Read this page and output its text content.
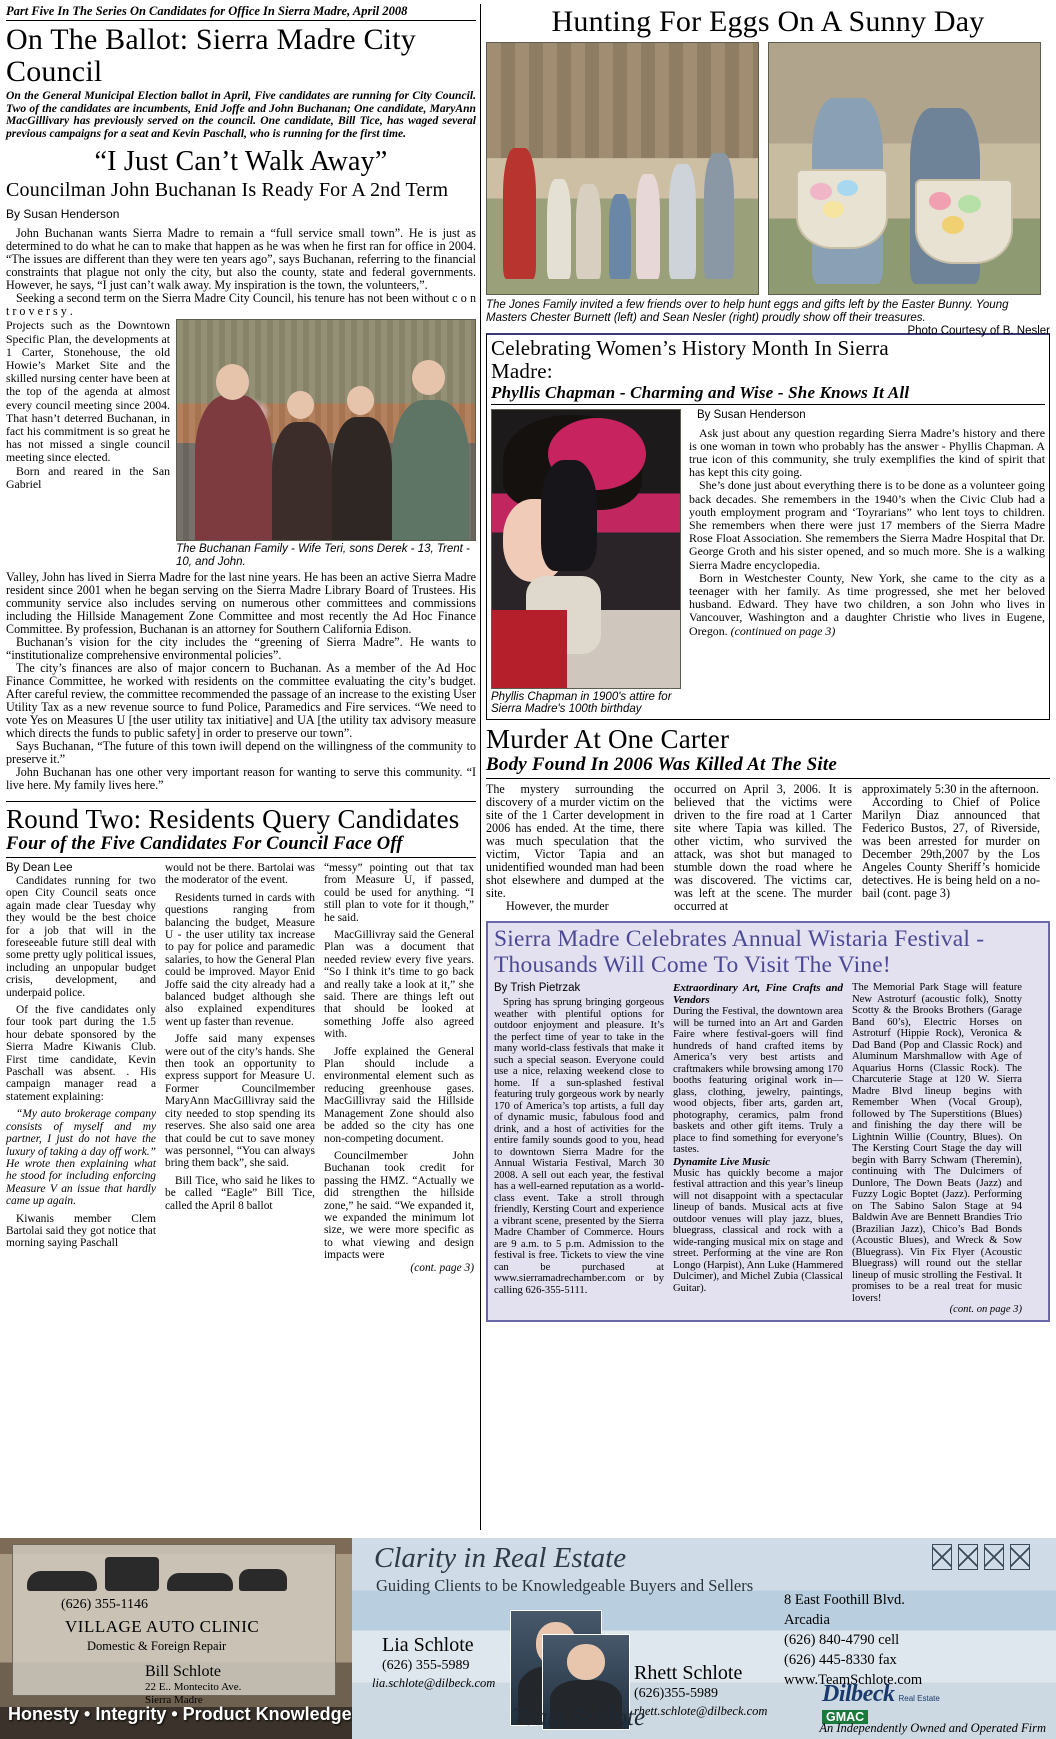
Part Five In The Series On Candidates for Office In Sierra Madre, April 2008
On The Ballot: Sierra Madre City Council
On the General Municipal Election ballot in April, Five candidates are running for City Council. Two of the candidates are incumbents, Enid Joffe and John Buchanan; One candidate, MaryAnn MacGillivary has previously served on the council. One candidate, Bill Tice, has waged several previous campaigns for a seat and Kevin Paschall, who is running for the first time.
“I Just Can’t Walk Away”
Councilman John Buchanan Is Ready For A 2nd Term
By Susan Henderson

John Buchanan wants Sierra Madre to remain a “full service small town”. He is just as determined to do what he can to make that happen as he was when he first ran for office in 2004. “The issues are different than they were ten years ago”, says Buchanan, referring to the financial constraints that plague not only the city, but also the county, state and federal governments. However, he says, “I just can’t walk away. My inspiration is the town, the volunteers,”.

Seeking a second term on the Sierra Madre City Council, his tenure has not been without c o n t r o v e r s y .

The Buchanan Family - Wife Teri, sons Derek - 13, Trent - 10, and John.

Projects such as the Downtown Specific Plan, the developments at 1 Carter, Stonehouse, the old Howie’s Market Site and the skilled nursing center have been at the top of the agenda at almost every council meeting since 2004. That hasn’t deterred Buchanan, in fact his commitment is so great he has not missed a single council meeting since elected.

Born and reared in the San Gabriel

Valley, John has lived in Sierra Madre for the last nine years. He has been an active Sierra Madre resident since 2001 when he began serving on the Sierra Madre Library Board of Trustees. His community service also includes serving on numerous other committees and commissions including the Hillside Management Zone Committee and most recently the Ad Hoc Finance Committee. By profession, Buchanan is an attorney for Southern California Edison.

Buchanan’s vision for the city includes the “greening of Sierra Madre”. He wants to “institutionalize comprehensive environmental policies”.

The city’s finances are also of major concern to Buchanan. As a member of the Ad Hoc Finance Committee, he worked with residents on the committee evaluating the city’s budget. After careful review, the committee recommended the passage of an increase to the existing User Utility Tax as a new revenue source to fund Police, Paramedics and Fire services. “We need to vote Yes on Measures U [the user utility tax initiative] and UA [the utility tax advisory measure which directs the funds to public safety] in order to preserve our town”.

Says Buchanan, “The future of this town iwill depend on the willingness of the community to preserve it.”

John Buchanan has one other very important reason for wanting to serve this community. “I live here. My family lives here.”

Round Two: Residents Query Candidates
Four of the Five Candidates For Council Face Off
By Dean Lee

Candidates running for two open City Council seats once again made clear Tuesday why they would be the best choice for a job that will in the foreseeable future still deal with some pretty ugly political issues, including an unpopular budget crisis, development, and underpaid police.

Of the five candidates only four took part during the 1.5 hour debate sponsored by the Sierra Madre Kiwanis Club. First time candidate, Kevin Paschall was absent. . His campaign manager read a statement explaining:

“My auto brokerage company consists of myself and my partner, I just do not have the luxury of taking a day off work.” He wrote then explaining what he stood for including enforcing Measure V an issue that hardly came up again.

Kiwanis member Clem Bartolai said they got notice that morning saying Paschall

would not be there. Bartolai was the moderator of the event.

Residents turned in cards with questions ranging from balancing the budget, Measure U - the user utility tax increase to pay for police and paramedic salaries, to how the General Plan could be improved. Mayor Enid Joffe said the city already had a balanced budget although she also explained expenditures went up faster than revenue.

Joffe said many expenses were out of the city’s hands. She then took an opportunity to express support for Measure U. Former Councilmember MaryAnn MacGillivray said the city needed to stop spending its reserves. She also said one area that could be cut to save money was personnel, “You can always bring them back”, she said.

Bill Tice, who said he likes to be called “Eagle” Bill Tice, called the April 8 ballot

“messy” pointing out that tax from Measure U, if passed, could be used for anything. “I still plan to vote for it though,” he said.

MacGillivray said the General Plan was a document that needed review every five years. “So I think it’s time to go back and really take a look at it,” she said. There are things left out that should be looked at something Joffe also agreed with.

Joffe explained the General Plan should include a environmental element such as reducing greenhouse gases. MacGillivray said the Hillside Management Zone should also be added so the city has one non-competing document.

Councilmember John Buchanan took credit for passing the HMZ. “Actually we did strengthen the hillside zone,” he said. “We expanded it, we expanded the minimum lot size, we were more specific as to what viewing and design impacts were

(cont. page 3)
Hunting For Eggs On A Sunny Day
The Jones Family invited a few friends over to help hunt eggs and gifts left by the Easter Bunny. Young Masters Chester Burnett (left) and Sean Nesler (right) proudly show off their treasures.
Photo Courtesy of B. Nesler
Celebrating Women’s History Month In Sierra Madre:
Phyllis Chapman - Charming and Wise - She Knows It All
Phyllis Chapman in 1900's attire for Sierra Madre's 100th birthday
By Susan Henderson

Ask just about any question regarding Sierra Madre’s history and there is one woman in town who probably has the answer - Phyllis Chapman. A true icon of this community, she truly exemplifies the kind of spirit that has kept this city going.

She’s done just about everything there is to be done as a volunteer going back decades. She remembers in the 1940’s when the Civic Club had a youth employment program and ‘Toyrarians” who lent toys to children. She remembers when there were just 17 members of the Sierra Madre Rose Float Association. She remembers the Sierra Madre Hospital that Dr. George Groth and his sister opened, and so much more. She is a walking Sierra Madre encyclopedia.

Born in Westchester County, New York, she came to the city as a teenager with her family. As time progressed, she met her beloved husband. Edward. They have two children, a son John who lives in Vancouver, Washington and a daughter Christie who lives in Eugene, Oregon. (continued on page 3)

Murder At One Carter
Body Found In 2006 Was Killed At The Site

The mystery surrounding the discovery of a murder victim on the site of the 1 Carter development in 2006 has ended. At the time, there was much speculation that the victim, Victor Tapia and an unidentified wounded man had been shot elsewhere and dumped at the site.

However, the murder

occurred on April 3, 2006. It is believed that the victims were driven to the fire road at 1 Carter site where Tapia was killed. The other victim, who survived the attack, was shot but managed to stumble down the road where he was discovered. The victims car, was left at the scene. The murder occurred at

approximately 5:30 in the afternoon.

According to Chief of Police Marilyn Diaz announced that Federico Bustos, 27, of Riverside, was been arrested for murder on December 29th,2007 by the Los Angeles County Sheriff’s homicide detectives. He is being held on a no-bail (cont. page 3)

Sierra Madre Celebrates Annual Wistaria Festival - Thousands Will Come To Visit The Vine!
By Trish Pietrzak

Spring has sprung bringing gorgeous weather with plentiful options for outdoor enjoyment and pleasure. It’s the perfect time of year to take in the many world-class festivals that make it such a special season. Everyone could use a nice, relaxing weekend close to home. If a sun-splashed festival featuring truly gorgeous work by nearly 170 of America’s top artists, a full day of dynamic music, fabulous food and drink, and a host of activities for the entire family sounds good to you, head to downtown Sierra Madre for the Annual Wistaria Festival, March 30 2008. A sell out each year, the festival has a well-earned reputation as a world-class event. Take a stroll through friendly, Kersting Court and experience a vibrant scene, presented by the Sierra Madre Chamber of Commerce. Hours are 9 a.m. to 5 p.m. Admission to the festival is free. Tickets to view the vine can be purchased at www.sierramadrechamber.com or by calling 626-355-5111.

Extraordinary Art, Fine Crafts and Vendors

During the Festival, the downtown area will be turned into an Art and Garden Faire where festival-goers will find hundreds of hand crafted items by America’s very best artists and craftmakers while browsing among 170 booths featuring original work in—glass, clothing, jewelry, paintings, wood objects, fiber arts, garden art, photography, ceramics, palm frond baskets and other gift items. Truly a place to find something for everyone’s tastes.

Dynamite Live Music

Music has quickly become a major festival attraction and this year’s lineup will not disappoint with a spectacular lineup of bands. Musical acts at five outdoor venues will play jazz, blues, bluegrass, classical and rock with a wide-ranging musical mix on stage and street. Performing at the vine are Ron Longo (Harpist), Ann Luke (Hammered Dulcimer), and Michel Zubia (Classical Guitar).

The Memorial Park Stage will feature New Astroturf (acoustic folk), Snotty Scotty & the Brooks Brothers (Garage Band 60’s), Electric Horses on Astroturf (Hippie Rock), Veronica & Dad Band (Pop and Classic Rock) and Aluminum Marshmallow with Age of Aquarius Horns (Classic Rock). The Charcuterie Stage at 120 W. Sierra Madre Blvd lineup begins with Remember When (Vocal Group), followed by The Superstitions (Blues) and finishing the day there will be Lightnin Willie (Country, Blues). On The Kersting Court Stage the day will begin with Barry Schwam (Theremin), continuing with The Dulcimers of Dunlore, The Down Beats (Jazz) and Fuzzy Logic Boptet (Jazz). Performing on The Sabino Salon Stage at 94 Baldwin Ave are Bennett Brandies Trio (Brazilian Jazz), Chico’s Bad Bonds (Acoustic Blues), and Wreck & Sow (Bluegrass). Vin Fix Flyer (Acoustic Bluegrass) will round out the stellar lineup of music strolling the Festival. It promises to be a real treat for music lovers!

(cont. on page 3)
(626) 355-1146
VILLAGE AUTO CLINIC
Domestic & Foreign Repair
Bill Schlote
22 E.. Montecito Ave.
Sierra Madre
Honesty • Integrity • Product Knowledge
Clarity in Real Estate
Guiding Clients to be Knowledgeable Buyers and Sellers
Lia Schlote
(626) 355-5989
lia.schlote@dilbeck.com	Rhett Schlote
(626)355-5989
rhett.schlote@dilbeck.com
8 East Foothill Blvd.
Arcadia
(626) 840-4790 cell
(626) 445-8330 fax
www.TeamSchlote.com
Team Schlote
Dilbeck Real Estate
GMAC
An Independently Owned and Operated Firm
